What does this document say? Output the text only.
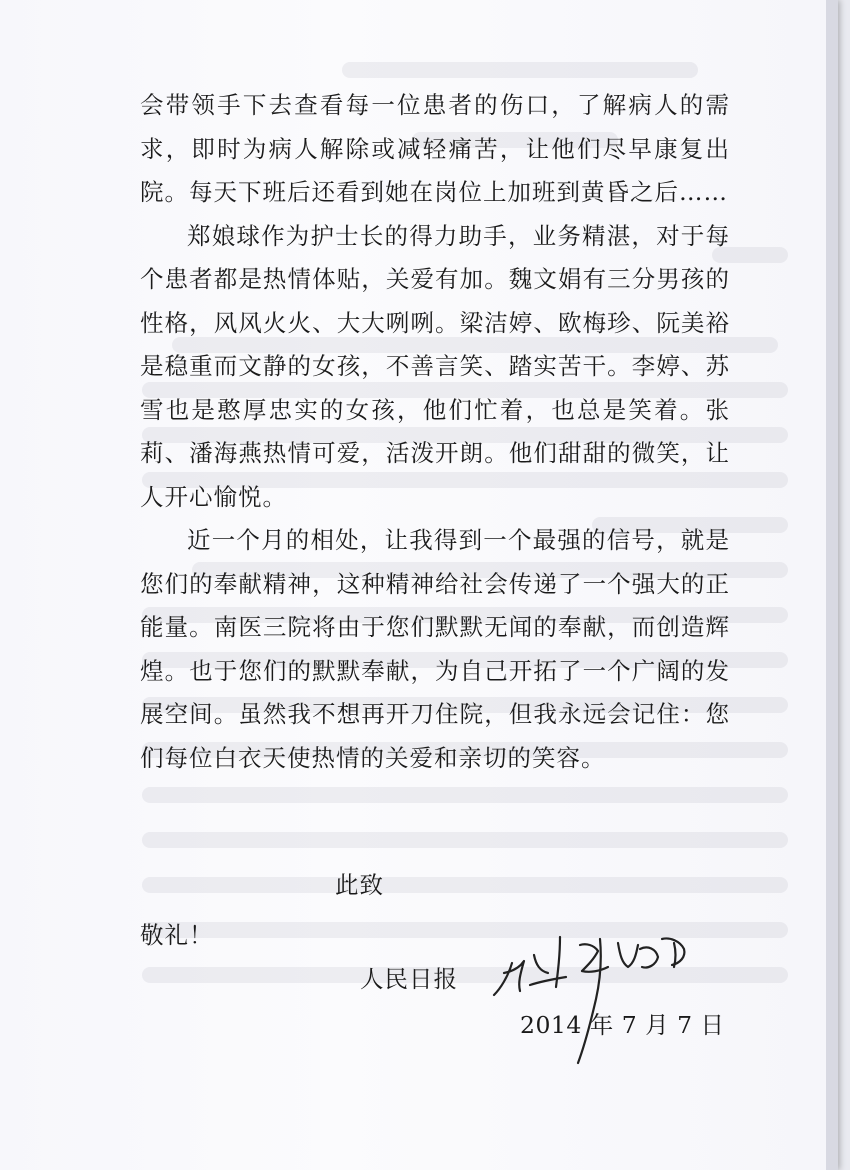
会带领手下去查看每一位患者的伤口，了解病人的需求，即时为病人解除或减轻痛苦，让他们尽早康复出院。每天下班后还看到她在岗位上加班到黄昏之后……

郑娘球作为护士长的得力助手，业务精湛，对于每个患者都是热情体贴，关爱有加。魏文娟有三分男孩的性格，风风火火、大大咧咧。梁洁婷、欧梅珍、阮美裕是稳重而文静的女孩，不善言笑、踏实苦干。李婷、苏雪也是憨厚忠实的女孩，他们忙着，也总是笑着。张莉、潘海燕热情可爱，活泼开朗。他们甜甜的微笑，让人开心愉悦。

近一个月的相处，让我得到一个最强的信号，就是您们的奉献精神，这种精神给社会传递了一个强大的正能量。南医三院将由于您们默默无闻的奉献，而创造辉煌。也于您们的默默奉献，为自己开拓了一个广阔的发展空间。虽然我不想再开刀住院，但我永远会记住：您们每位白衣天使热情的关爱和亲切的笑容。

此致
敬礼！
人民日报
2014 年 7 月 7 日
